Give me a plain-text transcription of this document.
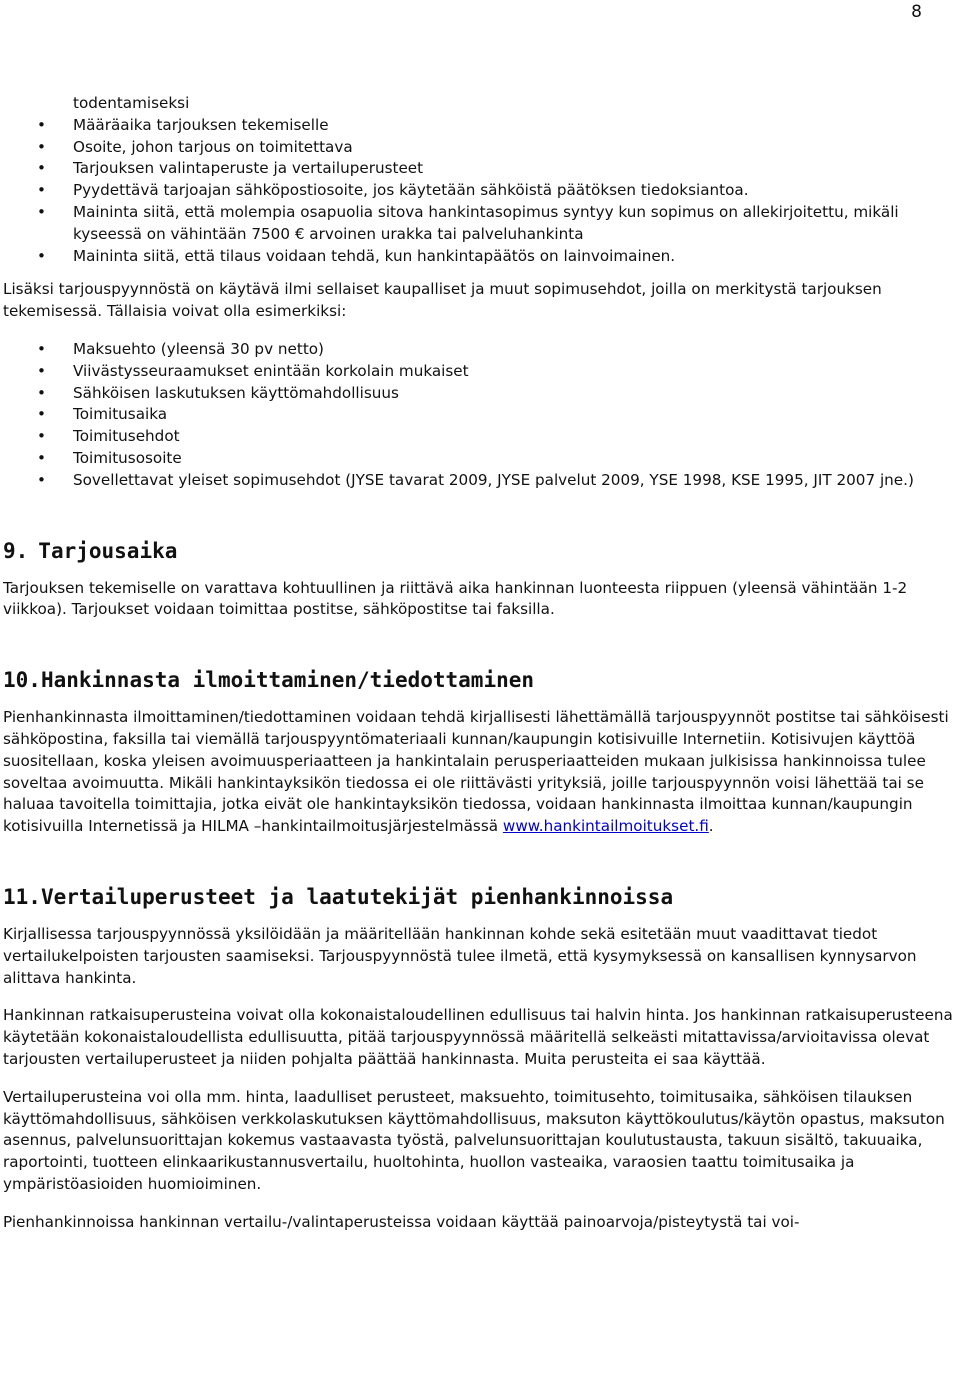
8
todentamiseksi
• Määräaika tarjouksen tekemiselle
• Osoite, johon tarjous on toimitettava
• Tarjouksen valintaperuste ja vertailuperusteet
• Pyydettävä tarjoajan sähköpostiosoite, jos käytetään sähköistä päätöksen tiedoksiantoa.
• Maininta siitä, että molempia osapuolia sitova hankintasopimus syntyy kun sopimus on allekirjoitettu, mikäli kyseessä on vähintään 7500 € arvoinen urakka tai palveluhankinta
• Maininta siitä, että tilaus voidaan tehdä, kun hankintapäätös on lainvoimainen.

Lisäksi tarjouspyynnöstä on käytävä ilmi sellaiset kaupalliset ja muut sopimusehdot, joilla on merkitystä tarjouksen tekemisessä. Tällaisia voivat olla esimerkiksi:

• Maksuehto (yleensä 30 pv netto)
• Viivästysseuraamukset enintään korkolain mukaiset
• Sähköisen laskutuksen käyttömahdollisuus
• Toimitusaika
• Toimitusehdot
• Toimitusosoite
• Sovellettavat yleiset sopimusehdot (JYSE tavarat 2009, JYSE palvelut 2009, YSE 1998, KSE 1995, JIT 2007 jne.)
9. Tarjousaika

Tarjouksen tekemiselle on varattava kohtuullinen ja riittävä aika hankinnan luonteesta riippuen (yleensä vähintään 1-2 viikkoa). Tarjoukset voidaan toimittaa postitse, sähköpostitse tai faksilla.

10.Hankinnasta ilmoittaminen/tiedottaminen

Pienhankinnasta ilmoittaminen/tiedottaminen voidaan tehdä kirjallisesti lähettämällä tarjouspyynnöt postitse tai sähköisesti sähköpostina, faksilla tai viemällä tarjouspyyntömateriaali kunnan/kaupungin kotisivuille Internetiin. Kotisivujen käyttöä suositellaan, koska yleisen avoimuusperiaatteen ja hankintalain perusperiaatteiden mukaan julkisissa hankinnoissa tulee soveltaa avoimuutta. Mikäli hankintayksikön tiedossa ei ole riittävästi yrityksiä, joille tarjouspyynnön voisi lähettää tai se haluaa tavoitella toimittajia, jotka eivät ole hankintayksikön tiedossa, voidaan hankinnasta ilmoittaa kunnan/kaupungin kotisivuilla Internetissä ja HILMA –hankintailmoitusjärjestelmässä www.hankintailmoitukset.fi.

11.Vertailuperusteet ja laatutekijät pienhankinnoissa

Kirjallisessa tarjouspyynnössä yksilöidään ja määritellään hankinnan kohde sekä esitetään muut vaadittavat tiedot vertailukelpoisten tarjousten saamiseksi. Tarjouspyynnöstä tulee ilmetä, että kysymyksessä on kansallisen kynnysarvon alittava hankinta.

Hankinnan ratkaisuperusteina voivat olla kokonaistaloudellinen edullisuus tai halvin hinta. Jos hankinnan ratkaisuperusteena käytetään kokonaistaloudellista edullisuutta, pitää tarjouspyynnössä määritellä selkeästi mitattavissa/arvioitavissa olevat tarjousten vertailuperusteet ja niiden pohjalta päättää hankinnasta. Muita perusteita ei saa käyttää.

Vertailuperusteina voi olla mm. hinta, laadulliset perusteet, maksuehto, toimitusehto, toimitusaika, sähköisen tilauksen käyttömahdollisuus, sähköisen verkkolaskutuksen käyttömahdollisuus, maksuton käyttökoulutus/käytön opastus, maksuton asennus, palvelunsuorittajan kokemus vastaavasta työstä, palvelunsuorittajan koulutustausta, takuun sisältö, takuuaika, raportointi, tuotteen elinkaarikustannusvertailu, huoltohinta, huollon vasteaika, varaosien taattu toimitusaika ja ympäristöasioiden huomioiminen.

Pienhankinnoissa hankinnan vertailu-/valintaperusteissa voidaan käyttää painoarvoja/pisteytystä tai voi-
